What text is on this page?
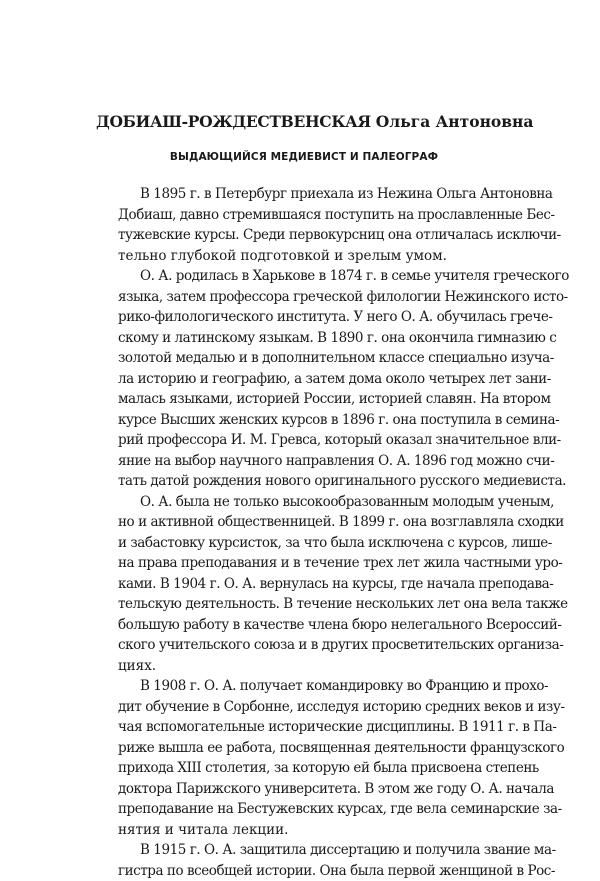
ДОБИАШ-РОЖДЕСТВЕНСКАЯ Ольга Антоновна
ВЫДАЮЩИЙСЯ МЕДИЕВИСТ И ПАЛЕОГРАФ
В 1895 г. в Петербург приехала из Нежина Ольга Антоновна
Добиаш, давно стремившаяся поступить на прославленные Бес-
тужевские курсы. Среди первокурсниц она отличалась исключи-
тельно глубокой подготовкой и зрелым умом.
О. А. родилась в Харькове в 1874 г. в семье учителя греческого
языка, затем профессора греческой филологии Нежинского исто-
рико-филологического института. У него О. А. обучилась грече-
скому и латинскому языкам. В 1890 г. она окончила гимназию с
золотой медалью и в дополнительном классе специально изуча-
ла историю и географию, а затем дома около четырех лет зани-
малась языками, историей России, историей славян. На втором
курсе Высших женских курсов в 1896 г. она поступила в семина-
рий профессора И. М. Гревса, который оказал значительное вли-
яние на выбор научного направления О. А. 1896 год можно счи-
тать датой рождения нового оригинального русского медиевиста.
О. А. была не только высокообразованным молодым ученым,
но и активной общественницей. В 1899 г. она возглавляла сходки
и забастовку курсисток, за что была исключена с курсов, лише-
на права преподавания и в течение трех лет жила частными уро-
ками. В 1904 г. О. А. вернулась на курсы, где начала преподава-
тельскую деятельность. В течение нескольких лет она вела также
большую работу в качестве члена бюро нелегального Всероссий-
ского учительского союза и в других просветительских организа-
циях.
В 1908 г. О. А. получает командировку во Францию и прохо-
дит обучение в Сорбонне, исследуя историю средних веков и изу-
чая вспомогательные исторические дисциплины. В 1911 г. в Па-
риже вышла ее работа, посвященная деятельности французского
прихода XIII столетия, за которую ей была присвоена степень
доктора Парижского университета. В этом же году О. А. начала
преподавание на Бестужевских курсах, где вела семинарские за-
нятия и читала лекции.
В 1915 г. О. А. защитила диссертацию и получила звание ма-
гистра по всеобщей истории. Она была первой женщиной в Рос-
